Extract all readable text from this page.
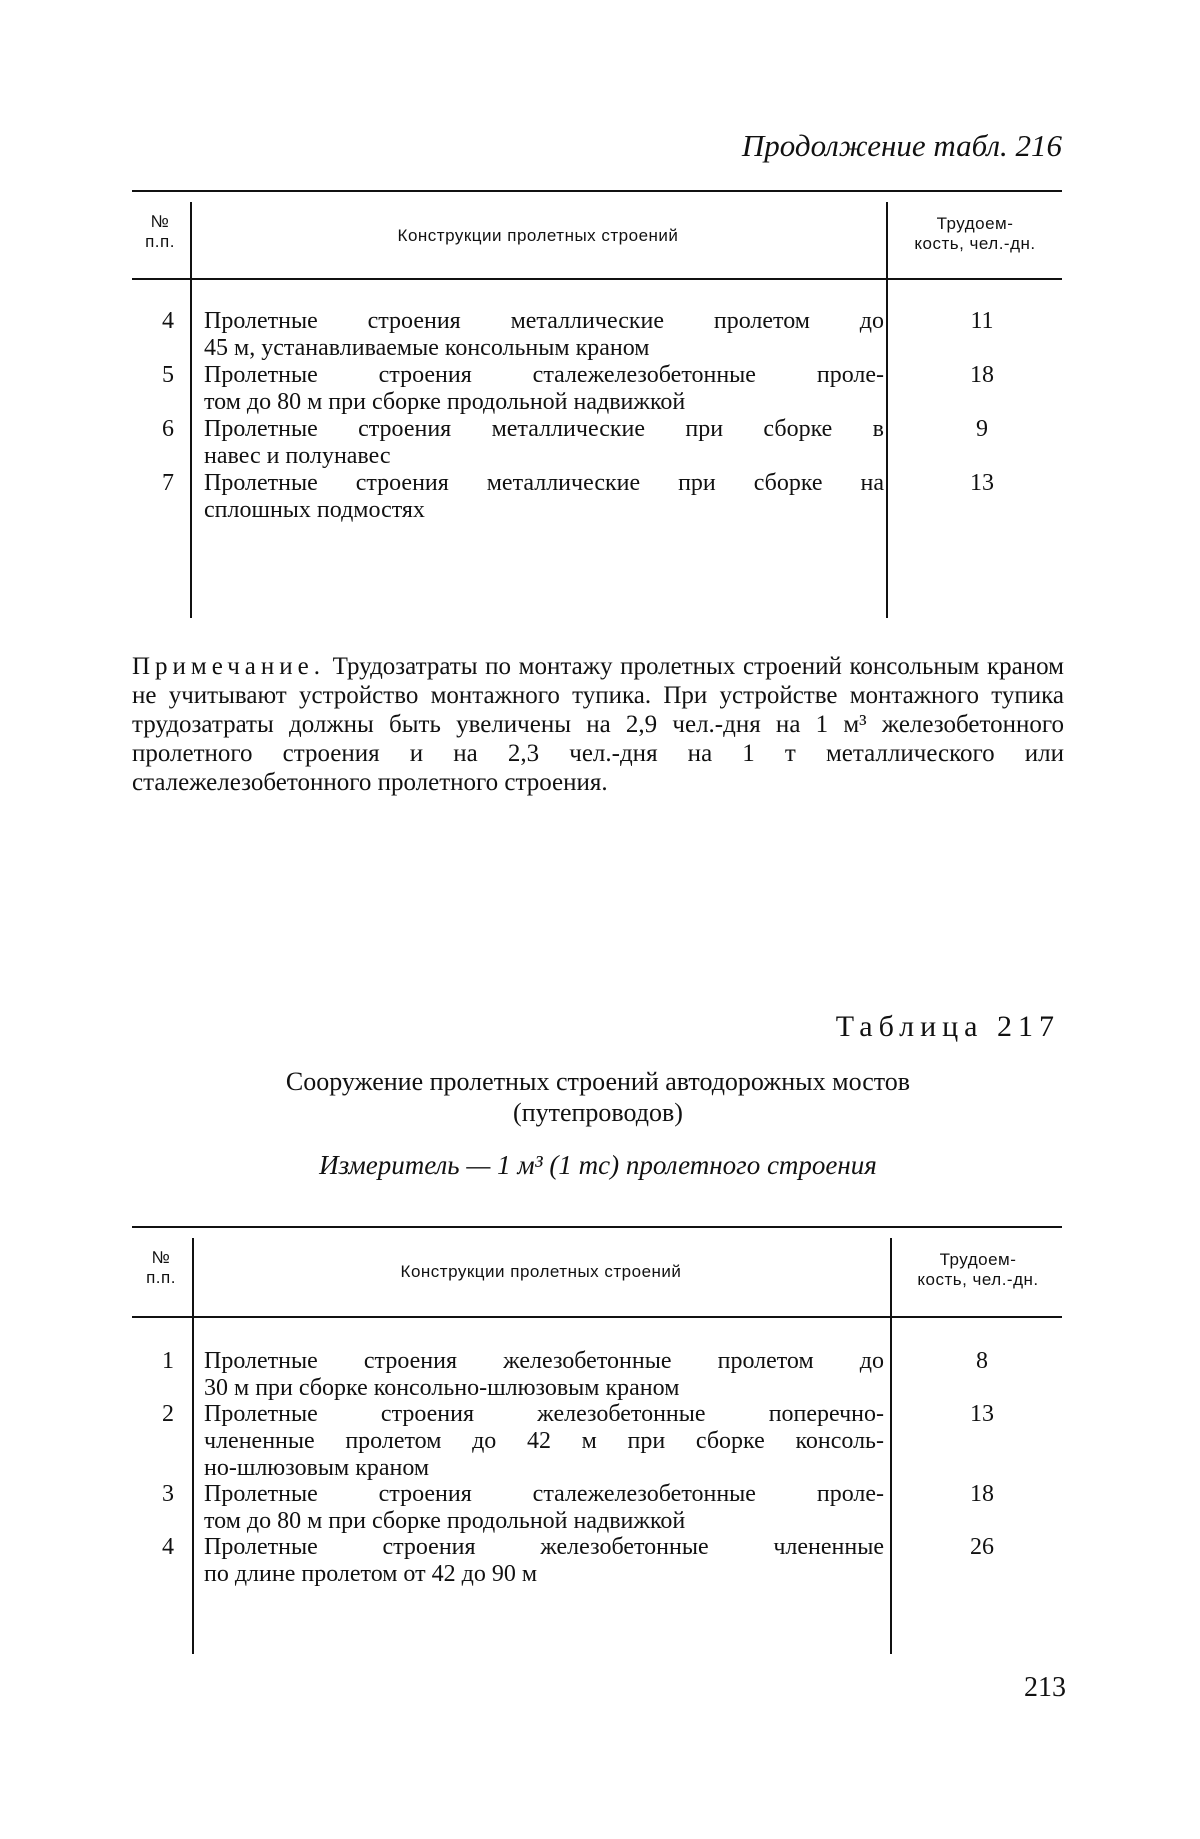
Продолжение табл. 216
№
п.п.	Конструкции пролетных строений
Трудоем-
кость, чел.-дн.
4 Пролетные строения металлические пролетом до
45 м, устанавливаемые консольным краном
11
5 Пролетные строения сталежелезобетонные проле-
том до 80 м при сборке продольной надвижкой
18
6 Пролетные строения металлические при сборке в
навес и полунавес
9
7 Пролетные строения металлические при сборке на
сплошных подмостях
13
Примечание. Трудозатраты по монтажу пролетных строений консольным краном не учитывают устройство монтажного тупика. При устройстве монтажного тупика трудозатраты должны быть увеличены на 2,9 чел.-дня на 1 м³ железобетонного пролетного строения и на 2,3 чел.-дня на 1 т металлического или сталежелезобетонного пролетного строения.
Таблица 217
Сооружение пролетных строений автодорожных мостов
(путепроводов)
Измеритель — 1 м³ (1 тс) пролетного строения
№
п.п.	Конструкции пролетных строений
Трудоем-
кость, чел.-дн.
1 Пролетные строения железобетонные пролетом до
30 м при сборке консольно-шлюзовым краном
8
2 Пролетные строения железобетонные поперечно-
члененные пролетом до 42 м при сборке консоль-
но-шлюзовым краном
13
3 Пролетные строения сталежелезобетонные проле-
том до 80 м при сборке продольной надвижкой
18
4 Пролетные строения железобетонные члененные
по длине пролетом от 42 до 90 м
26
213
